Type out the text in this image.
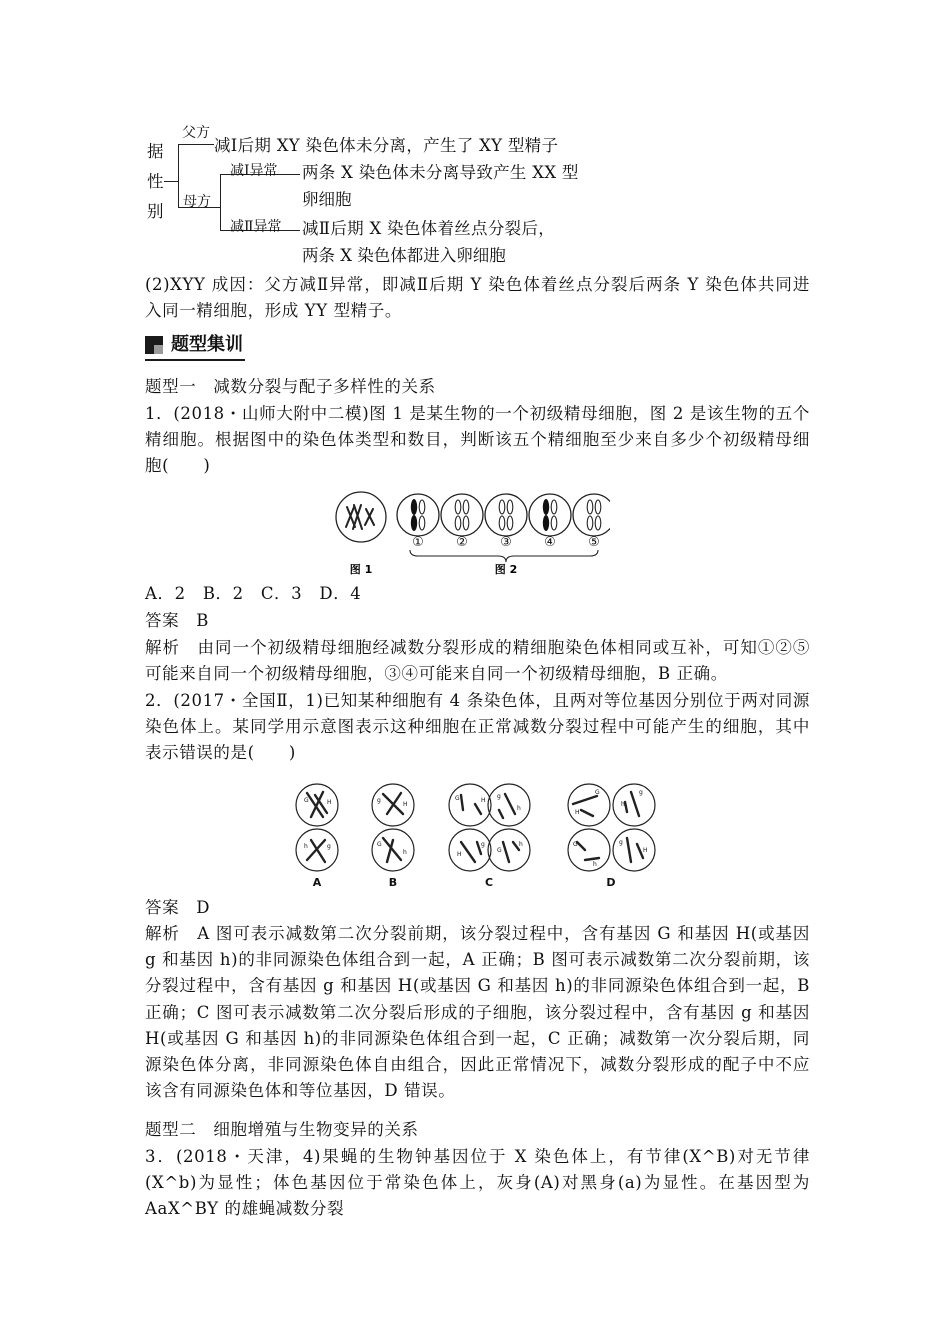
据
性
别
父方
减Ⅰ后期 XY 染色体未分离，产生了 XY 型精子
母方
减Ⅰ异常 两条 X 染色体未分离导致产生 XX 型
卵细胞
减Ⅱ异常 减Ⅱ后期 X 染色体着丝点分裂后，
两条 X 染色体都进入卵细胞
(2)XYY 成因：父方减Ⅱ异常，即减Ⅱ后期 Y 染色体着丝点分裂后两条 Y 染色体共同进入同一精细胞，形成 YY 型精子。
题型集训
题型一　减数分裂与配子多样性的关系
1．(2018・山师大附中二模)图 1 是某生物的一个初级精母细胞，图 2 是该生物的五个精细胞。根据图中的染色体类型和数目，判断该五个精细胞至少来自多少个初级精母细胞(　　)
① ② ③ ④ ⑤
图 1	图 2
A．2　B．2　C．3　D．4
答案　B
解析　由同一个初级精母细胞经减数分裂形成的精细胞染色体相同或互补，可知①②⑤可能来自同一个初级精母细胞，③④可能来自同一个初级精母细胞，B 正确。
2．(2017・全国Ⅱ，1)已知某种细胞有 4 条染色体，且两对等位基因分别位于两对同源染色体上。某同学用示意图表示这种细胞在正常减数分裂过程中可能产生的细胞，其中表示错误的是(　　)
A	B	C	D
G	H
h	g
g
H
G
h
G	H
g
h
H
g
G
h
G
H
g
h
G
h
g
H
答案　D
解析　A 图可表示减数第二次分裂前期，该分裂过程中，含有基因 G 和基因 H(或基因 g 和基因 h)的非同源染色体组合到一起，A 正确；B 图可表示减数第二次分裂前期，该分裂过程中，含有基因 g 和基因 H(或基因 G 和基因 h)的非同源染色体组合到一起，B 正确；C 图可表示减数第二次分裂后形成的子细胞，该分裂过程中，含有基因 g 和基因 H(或基因 G 和基因 h)的非同源染色体组合到一起，C 正确；减数第一次分裂后期，同源染色体分离，非同源染色体自由组合，因此正常情况下，减数分裂形成的配子中不应该含有同源染色体和等位基因，D 错误。
题型二　细胞增殖与生物变异的关系
3．(2018・天津，4)果蝇的生物钟基因位于 X 染色体上，有节律(X^B)对无节律(X^b)为显性；体色基因位于常染色体上，灰身(A)对黑身(a)为显性。在基因型为 AaX^BY 的雄蝇减数分裂
